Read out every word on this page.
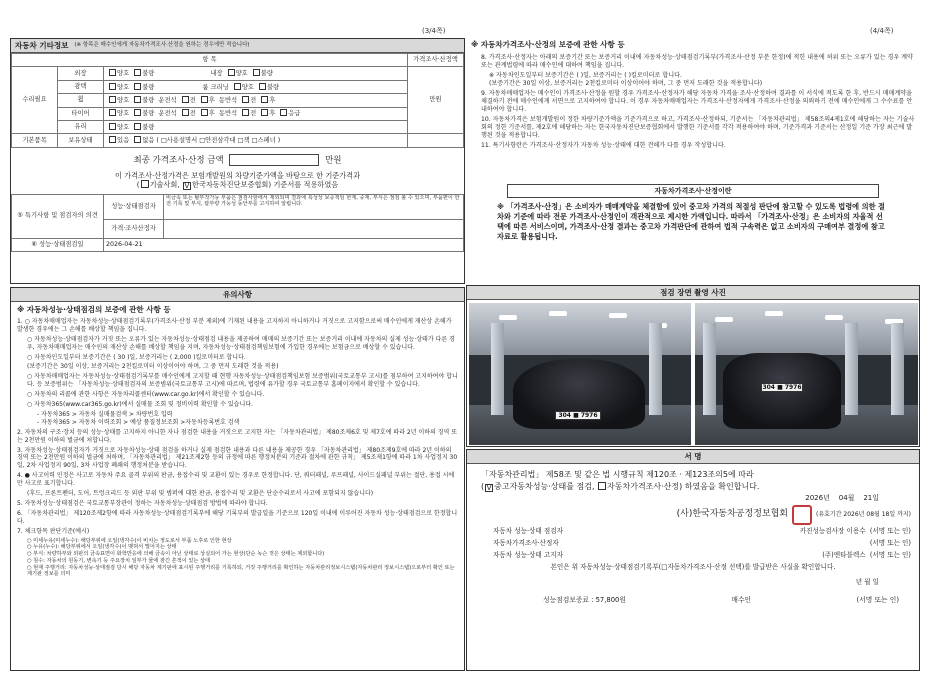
(3/4쪽)	(4/4쪽)
자동차 기타정보 (※ 항목은 매수인에게 자동차가격조사·산정을 원하는 경우에만 적습니다)
항 목			가격조사·산정액
수리필요	외장	양호 불량 내장 양호 불량	만원
	광택	양호 불량 룸 크리닝 양호 불량	
	휠	양호 불량 운전석 전 후 동반석 전 후	
	타이어	양호 불량 운전석 전 후 동반석 전 후 응급	
	유리	양호 불량	
기본품목	보유상태	있음 없음 ( □사용설명서 □안전삼각대 □잭 □스페너 )	
최종 가격조사·산정 금액	만원
이 가격조사·산정가격은 보험개발원의 차량기준가액을 바탕으로 한 기준가격과
( 기술사회, V 한국자동차진단보증협회) 기준서를 적용하였음
⑤ 특기사항 및 점검자의 의견	성능·상태점검자	비금속 또는 탈부착가능 부품은 점검사항에서 제외되며 결과에 특성상 보증책임 한계, 중재, 부식은 점검 불 수 있으며, 부품편이 한전 기록 및 부식, 탑부량 가능성 동안부를 고지하여 알립니다.
	가격·조사산정자	
⑥ 성능·상태점검일	2026-04-21	
유의사항

※ 자동차성능·상태점검의 보증에 관한 사항 등

1. ○ 자동차매매업자는 자동차성능·상태점검기록부(가격조사·산정 부분 제외)에 기재된 내용을 고지하지 아니하거나 거짓으로 고지함으로써 매수인에게 재산상 손해가 발생한 경우에는 그 손해를 배상할 책임을 집니다.

○ 자동차성능·상태점검자가 거짓 또는 오류가 있는 자동차성능·상태점검 내용을 제공하여 매매의 보증기간 또는 보증거리 이내에 자동차의 실제 성능·상태가 다른 경우, 자동차매매업자는 매수인의 재산상 손해를 배상할 책임을 지며, 자동차성능·상태점검책임보험에 가입한 경우에는 보험금으로 배상할 수 있습니다.

○ 자동차인도일부터 보증기간은 ( 30 )일, 보증거리는 ( 2,000 )킬로미터로 합니다.

(보증기간은 30일 이상, 보증거리는 2천킬로미터 이상이어야 하며, 그 중 먼저 도래한 것을 적용)

○ 자동차매매업자는 자동차성능·상태점검기록부를 매수인에게 고지할 때 현행 자동차성능·상태점검책임보험 보증범위(국토교통부 고시)를 첨부하여 고지하여야 합니다. 등 보증범위는 「자동차성능·상태점검자의 보증범위(국토교통부 고시)에 따르며, 법령에 유가할 경우 국토교통부 홈페이지에서 확인할 수 있습니다.

○ 자동차의 리콜에 관한 사항은 자동차리콜센터(www.car.go.kr)에서 확인할 수 있습니다.

○ 자동차365(www.car365.go.kr)에서 실매물 조회 및 정비이력 확인할 수 있습니다.

- 자동차365 > 자동차 실매물검색 > 차량번호 입력

- 자동차365 > 자동차 이력조회 > 예상 품질정보조회 >자동차등록번호 검색

2. 자동차의 구조·장치 등의 성능·상태를 고지하지 아니한 자나 점검한 내용을 거짓으로 고지한 자는 「자동차관리법」 제80조제6호 및 제7호에 따라 2년 이하의 징역 또는 2천만원 이하의 벌금에 처합니다.

3. 자동차성능·상태점검자가 거짓으로 자동차성능·상태 점검을 하거나 실제 점검한 내용과 다른 내용을 제공한 경우 「자동차관리법」 제80조제9호에 따라 2년 이하의 징역 또는 2천만원 이하의 벌금에 처하며, 「자동차관리법」 제21조제2항 등의 규정에 따른 행정처분의 기준과 절차에 관한 규칙」 제5조제1항에 따라 1차 사업정지 30일, 2차 사업정지 90일, 3차 사업장 폐쇄의 행정처분을 받습니다.

4. ● 사고이력 인정은 사고로 자동차 주요 골격 부위의 판금, 용접수리 및 교환이 있는 경우로 한정합니다. 단, 쿼터패널, 루프패널, 사이드실패널 부위는 절단, 용접 시에만 사고로 표기합니다.

(후드, 프론트펜더, 도어, 트렁크리드 등 외판 부위 및 범퍼에 대한 판금, 용접수리 및 교환은 단순수리로서 사고에 포함되지 않습니다)

5. 자동차성능·상태점검은 국토교통부장관이 정하는 자동차성능·상태점검 방법에 따라야 합니다.

6. 「자동차관리법」 제120조제2항에 따라 자동차성능·상태점검기록부에 해당 기록부의 발급일을 기준으로 120일 이내에 이루어진 자동차 성능·상태점검으로 한정합니다.

7. 체크항목 판단기준(예시)

○ 미세누유(미세누수): 해당부위에 오일(냉각수)이 비치는 정도로서 부품 노후로 인한 현상

○ 누유(누수): 해당부위에서 오일(냉각수)이 맺혀서 떨어지는 상태

○ 부식: 차량하부와 외판의 금속표면이 화학반응에 의해 금속이 아닌 상태로 상실되어 가는 현상(단순 녹슨 것은 상태는 제외합니다)

○ 침수: 자동차의 원동기, 변속기 등 주요장치 일부가 물에 잠긴 흔적이 있는 상태

○ 현재 주행거리: 자동차성능·상태점검 당시 해당 자동차 계기판에 표시된 주행거리를 기록하되, 거짓 주행거리를 확인하는 자동차관리정보시스템(자동차관리 정보시스템)으로부터 확인 또는 계기판 정보를 의미

※ 자동차가격조사·산정의 보증에 관한 사항 등

8. 가격조사·산정자는 아래의 보증기간 또는 보증거리 이내에 자동차성능·상태점검기록부(가격조사·산정 부분 한정)에 적힌 내용에 허위 또는 오류가 있는 경우 계약 또는 관계법령에 따라 매수인에 대하여 책임을 집니다.

※ 자동차인도일부터 보증기간은 ( )일, 보증거리는 ( )킬로미터로 합니다.

(보증기간은 30일 이상, 보증거리는 2천킬로미터 이상이어야 하며, 그 중 먼저 도래한 것을 적용합니다)

9. 자동차매매업자는 매수인이 가격조사·산정을 원할 경우 가격조사·산정자가 해당 자동차 가격을 조사·산정하여 결과를 이 서식에 적도록 한 후, 반드시 매매계약을 체결하기 전에 매수인에게 서면으로 고지하여야 합니다. 이 경우 자동차매매업자는 가격조사·산정자에게 가격조사·산정을 의뢰하기 전에 매수인에게 그 수수료를 안내하여야 합니다.

10. 자동차가격은 보험개발원이 정한 차량기준가액을 기준가격으로 하고, 가격조사·산정하되, 기준서는 「자동차관리법」 제58조의4제1호에 해당하는 자는 기술사회의 정한 기준서를, 제2호에 해당하는 자는 한국자동차진단보증협회에서 발행한 기준서를 각각 적용하여야 하며, 기준가격과 기준서는 산정일 기준 가장 최근에 발행된 것을 적용합니다.

11. 특기사항란은 가격조사·산정자가 자동차 성능·상태에 대한 견해가 다를 경우 작성합니다.

자동차가격조사·산정이란
※ 「가격조사·산정」은 소비자가 매매계약을 체결함에 있어 중고차 가격의 적절성 판단에 참고할 수 있도록 법령에 의한 절차와 기준에 따라 전문 가격조사·산정인이 객관적으로 제시한 가액입니다. 따라서 「가격조사·산정」은 소비자의 자율적 선택에 따른 서비스이며, 가격조사·산정 결과는 중고차 가격판단에 관하여 법적 구속력은 없고 소비자의 구매여부 결정에 참고자료로 활용됩니다.
점검 장면 촬영 사진
304 ■ 7976
304 ■ 7976
서 명
「자동차관리법」 제58조 및 같은 법 시행규칙 제120조 · 제123조의5에 따라
( V 중고자동차성능·상태를 점검, 자동차가격조사·산정) 하였음을 확인합니다.
2026년 04월 21일
(사)한국자동차공정정보협회	(유효기간 2026년 08월 18일 까지)
자동차 성능·상태 점검자	카진성능검사장 이용수 (서명 또는 인)
자동차가격조사·산정자	(서명 또는 인)
자동차 성능·상태 고지자	(주)엔타블렉스 (서명 또는 인)
본인은 위 자동차성능·상태점검기록부(□자동차가격조사·산정 선택)를 발급받은 사실을 확인합니다.
년 월 일
성능점검보증료 : 57,800원	매수인	(서명 또는 인)
